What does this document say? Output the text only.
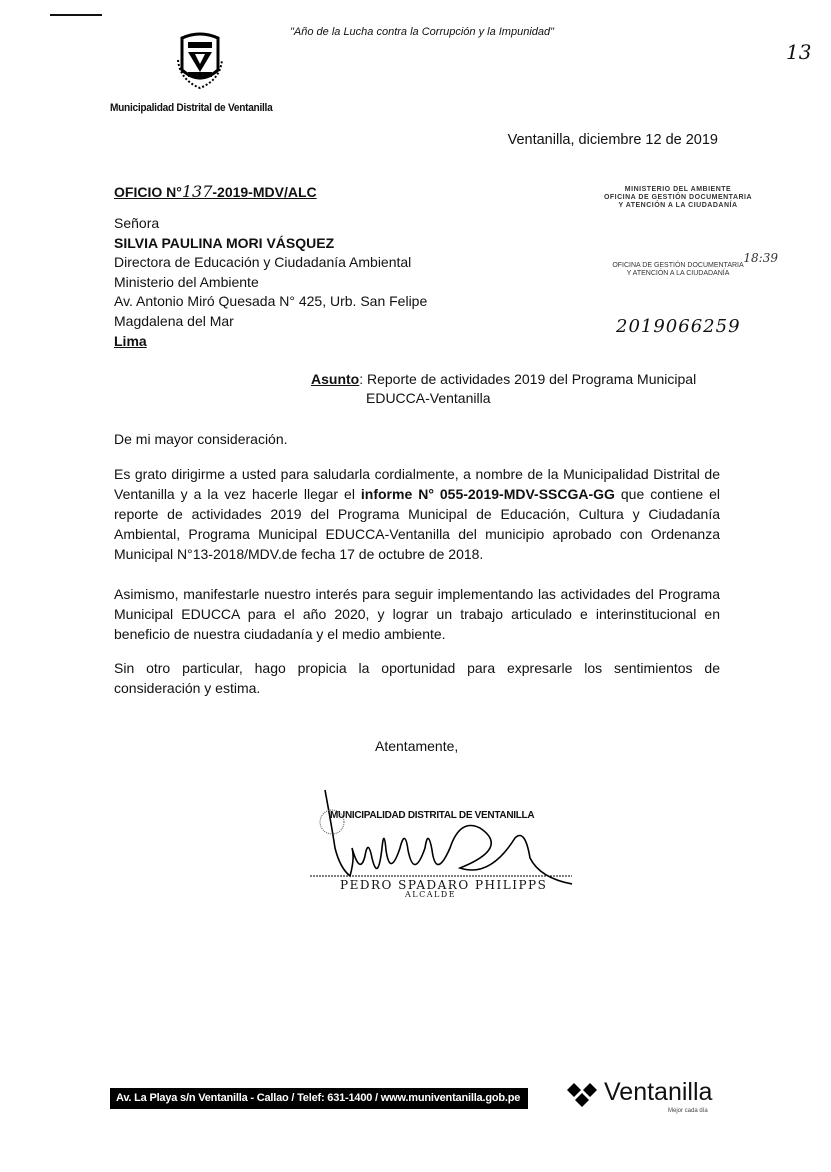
"Año de la Lucha contra la Corrupción y la Impunidad"
13
Municipalidad Distrital de Ventanilla
Ventanilla, diciembre 12 de 2019
OFICIO N°137-2019-MDV/ALC
Señora
SILVIA PAULINA MORI VÁSQUEZ
Directora de Educación y Ciudadanía Ambiental
Ministerio del Ambiente
Av. Antonio Miró Quesada N° 425, Urb. San Felipe
Magdalena del Mar
Lima
MINISTERIO DEL AMBIENTE
OFICINA DE GESTIÓN DOCUMENTARIA
Y ATENCIÓN A LA CIUDADANÍA
18:39
OFICINA DE GESTIÓN DOCUMENTARIA
Y ATENCIÓN A LA CIUDADANÍA
2019066259
Asunto: Reporte de actividades 2019 del Programa Municipal
EDUCCA-Ventanilla
De mi mayor consideración.
Es grato dirigirme a usted para saludarla cordialmente, a nombre de la Municipalidad Distrital de Ventanilla y a la vez hacerle llegar el informe N° 055-2019-MDV-SSCGA-GG que contiene el reporte de actividades 2019 del Programa Municipal de Educación, Cultura y Ciudadanía Ambiental, Programa Municipal EDUCCA-Ventanilla del municipio aprobado con Ordenanza Municipal N°13-2018/MDV.de fecha 17 de octubre de 2018.
Asimismo, manifestarle nuestro interés para seguir implementando las actividades del Programa Municipal EDUCCA para el año 2020, y lograr un trabajo articulado e interinstitucional en beneficio de nuestra ciudadanía y el medio ambiente.
Sin otro particular, hago propicia la oportunidad para expresarle los sentimientos de consideración y estima.
Atentamente,
MUNICIPALIDAD DISTRITAL DE VENTANILLA
PEDRO SPADARO PHILIPPS
ALCALDE
Av. La Playa s/n Ventanilla - Callao / Telef: 631-1400 / www.muniventanilla.gob.pe	Ventanilla
Mejor cada día
